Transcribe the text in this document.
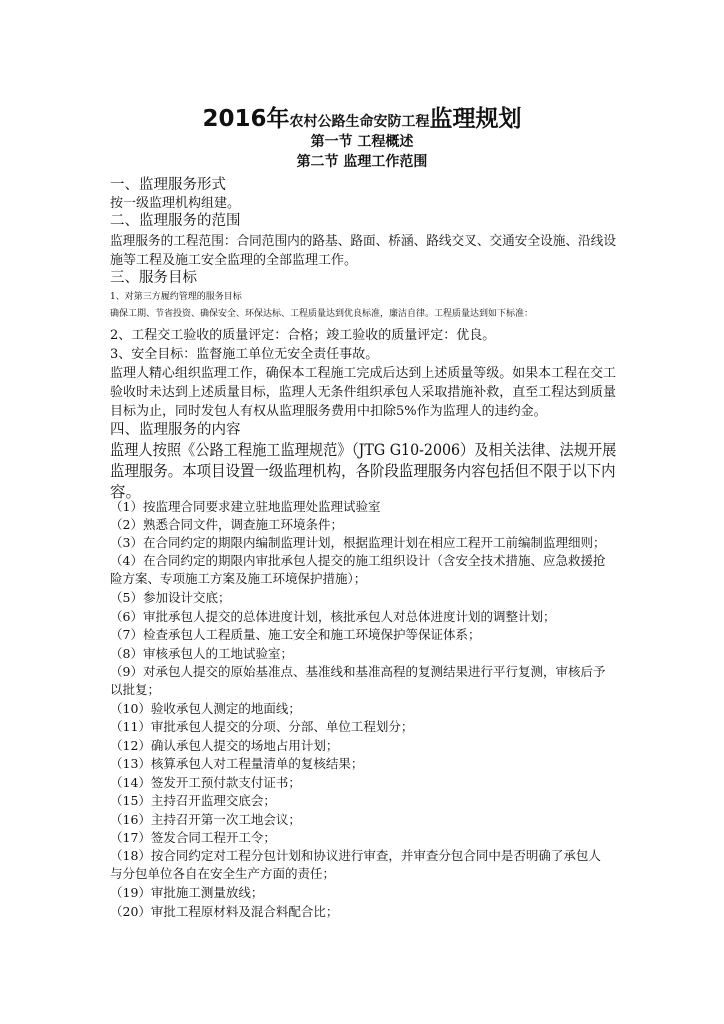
2016年农村公路生命安防工程监理规划
第一节 工程概述
第二节 监理工作范围
一、监理服务形式
按一级监理机构组建。
二、监理服务的范围
监理服务的工程范围：合同范围内的路基、路面、桥涵、路线交叉、交通安全设施、沿线设
施等工程及施工安全监理的全部监理工作。
三、服务目标
1、对第三方履约管理的服务目标
确保工期、节省投资、确保安全、环保达标、工程质量达到优良标准，廉洁自律。工程质量达到如下标准：
2、工程交工验收的质量评定：合格；竣工验收的质量评定：优良。
3、安全目标：监督施工单位无安全责任事故。
监理人精心组织监理工作，确保本工程施工完成后达到上述质量等级。如果本工程在交工
验收时未达到上述质量目标，监理人无条件组织承包人采取措施补救，直至工程达到质量
目标为止，同时发包人有权从监理服务费用中扣除5%作为监理人的违约金。
四、监理服务的内容
监理人按照《公路工程施工监理规范》（JTG G10-2006）及相关法律、法规开展
监理服务。本项目设置一级监理机构，各阶段监理服务内容包括但不限于以下内
容。
（1）按监理合同要求建立驻地监理处监理试验室
（2）熟悉合同文件，调查施工环境条件；
（3）在合同约定的期限内编制监理计划，根据监理计划在相应工程开工前编制监理细则；
（4）在合同约定的期限内审批承包人提交的施工组织设计（含安全技术措施、应急救援抢
险方案、专项施工方案及施工环境保护措施）；
（5）参加设计交底；
（6）审批承包人提交的总体进度计划，核批承包人对总体进度计划的调整计划；
（7）检查承包人工程质量、施工安全和施工环境保护等保证体系；
（8）审核承包人的工地试验室；
（9）对承包人提交的原始基准点、基准线和基准高程的复测结果进行平行复测，审核后予
以批复；
（10）验收承包人测定的地面线；
（11）审批承包人提交的分项、分部、单位工程划分；
（12）确认承包人提交的场地占用计划；
（13）核算承包人对工程量清单的复核结果；
（14）签发开工预付款支付证书；
（15）主持召开监理交底会；
（16）主持召开第一次工地会议；
（17）签发合同工程开工令；
（18）按合同约定对工程分包计划和协议进行审查，并审查分包合同中是否明确了承包人
与分包单位各自在安全生产方面的责任；
（19）审批施工测量放线；
（20）审批工程原材料及混合料配合比；
